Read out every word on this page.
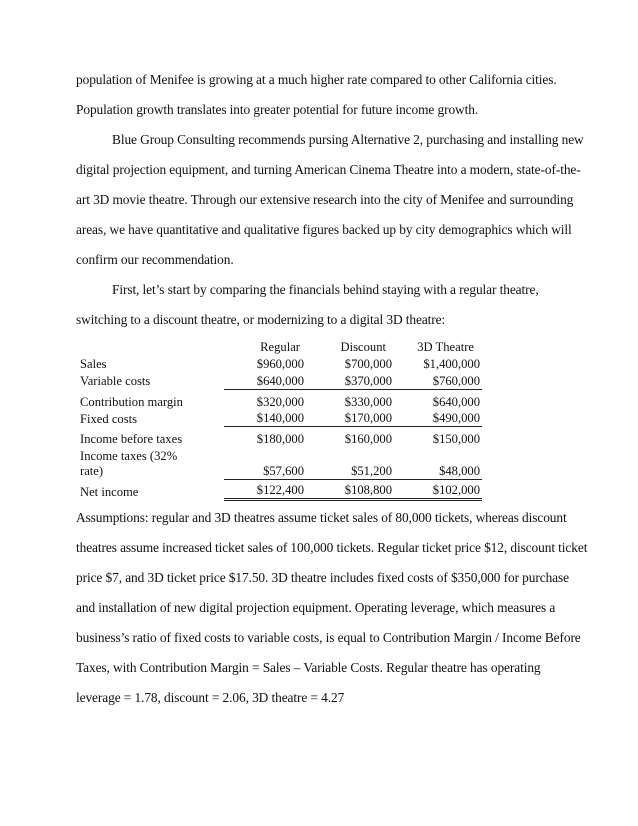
population of Menifee is growing at a much higher rate compared to other California cities.
Population growth translates into greater potential for future income growth.
Blue Group Consulting recommends pursing Alternative 2, purchasing and installing new
digital projection equipment, and turning American Cinema Theatre into a modern, state-of-the-
art 3D movie theatre. Through our extensive research into the city of Menifee and surrounding
areas, we have quantitative and qualitative figures backed up by city demographics which will
confirm our recommendation.
First, let’s start by comparing the financials behind staying with a regular theatre,
switching to a discount theatre, or modernizing to a digital 3D theatre:
	Regular	Discount	3D Theatre
Sales	$960,000	$700,000	$1,400,000
Variable costs	$640,000	$370,000	$760,000

Contribution margin	$320,000	$330,000	$640,000
Fixed costs	$140,000	$170,000	$490,000

Income before taxes	$180,000	$160,000	$150,000
Income taxes (32%
rate)	$57,600	$51,200	$48,000

Net income	$122,400	$108,800	$102,000
Assumptions: regular and 3D theatres assume ticket sales of 80,000 tickets, whereas discount
theatres assume increased ticket sales of 100,000 tickets. Regular ticket price $12, discount ticket
price $7, and 3D ticket price $17.50. 3D theatre includes fixed costs of $350,000 for purchase
and installation of new digital projection equipment. Operating leverage, which measures a
business’s ratio of fixed costs to variable costs, is equal to Contribution Margin / Income Before
Taxes, with Contribution Margin = Sales – Variable Costs. Regular theatre has operating
leverage = 1.78, discount = 2.06, 3D theatre = 4.27
